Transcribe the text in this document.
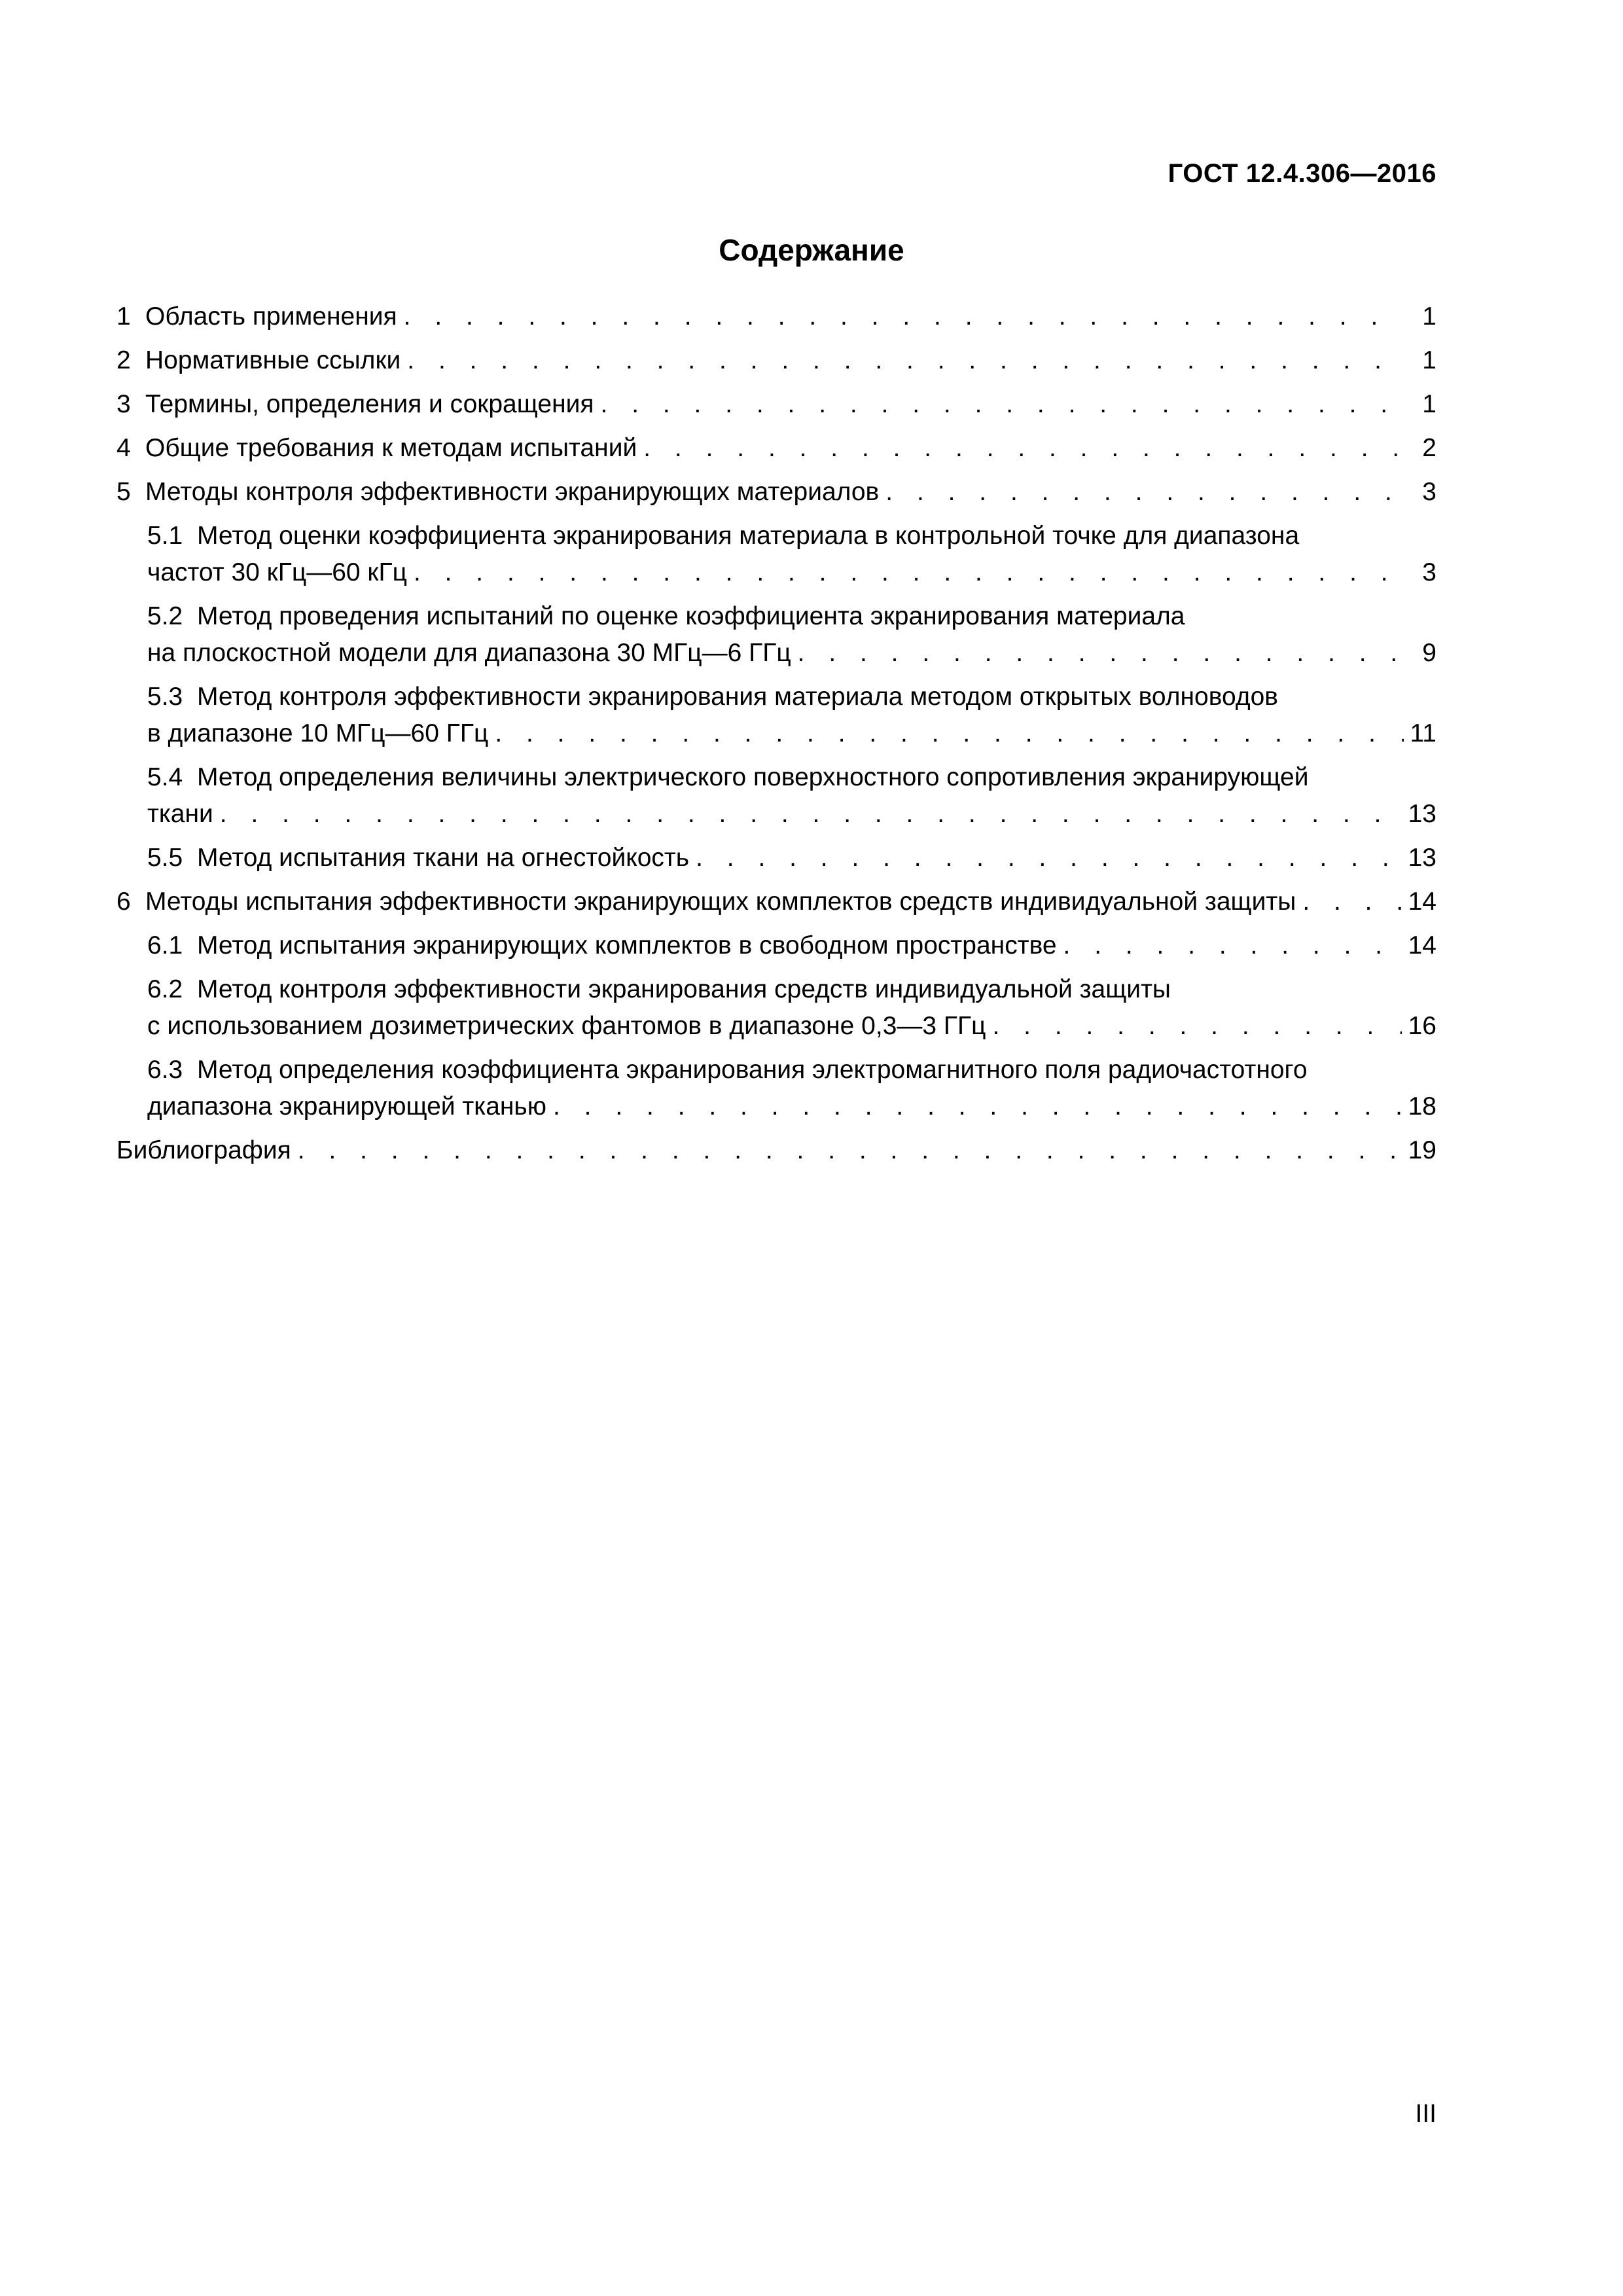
ГОСТ 12.4.306—2016
Содержание
1 Область применения . . .	1
2 Нормативные ссылки . . .	1
3 Термины, определения и сокращения . . .	1
4 Общие требования к методам испытаний . . .	2
5 Методы контроля эффективности экранирующих материалов . . .	3
5.1 Метод оценки коэффициента экранирования материала в контрольной точке для диапазона
частот 30 кГц—60 кГц . . .	3
5.2 Метод проведения испытаний по оценке коэффициента экранирования материала
на плоскостной модели для диапазона 30 МГц—6 ГГц . . .	9
5.3 Метод контроля эффективности экранирования материала методом открытых волноводов
в диапазоне 10 МГц—60 ГГц . . .	11
5.4 Метод определения величины электрического поверхностного сопротивления экранирующей
ткани . . .	13
5.5 Метод испытания ткани на огнестойкость . . .	13
6 Методы испытания эффективности экранирующих комплектов средств индивидуальной защиты . . .	14
6.1 Метод испытания экранирующих комплектов в свободном пространстве . . .	14
6.2 Метод контроля эффективности экранирования средств индивидуальной защиты
с использованием дозиметрических фантомов в диапазоне 0,3—3 ГГц . . .	16
6.3 Метод определения коэффициента экранирования электромагнитного поля радиочастотного
диапазона экранирующей тканью . . .	18
Библиография . . .	19
III
